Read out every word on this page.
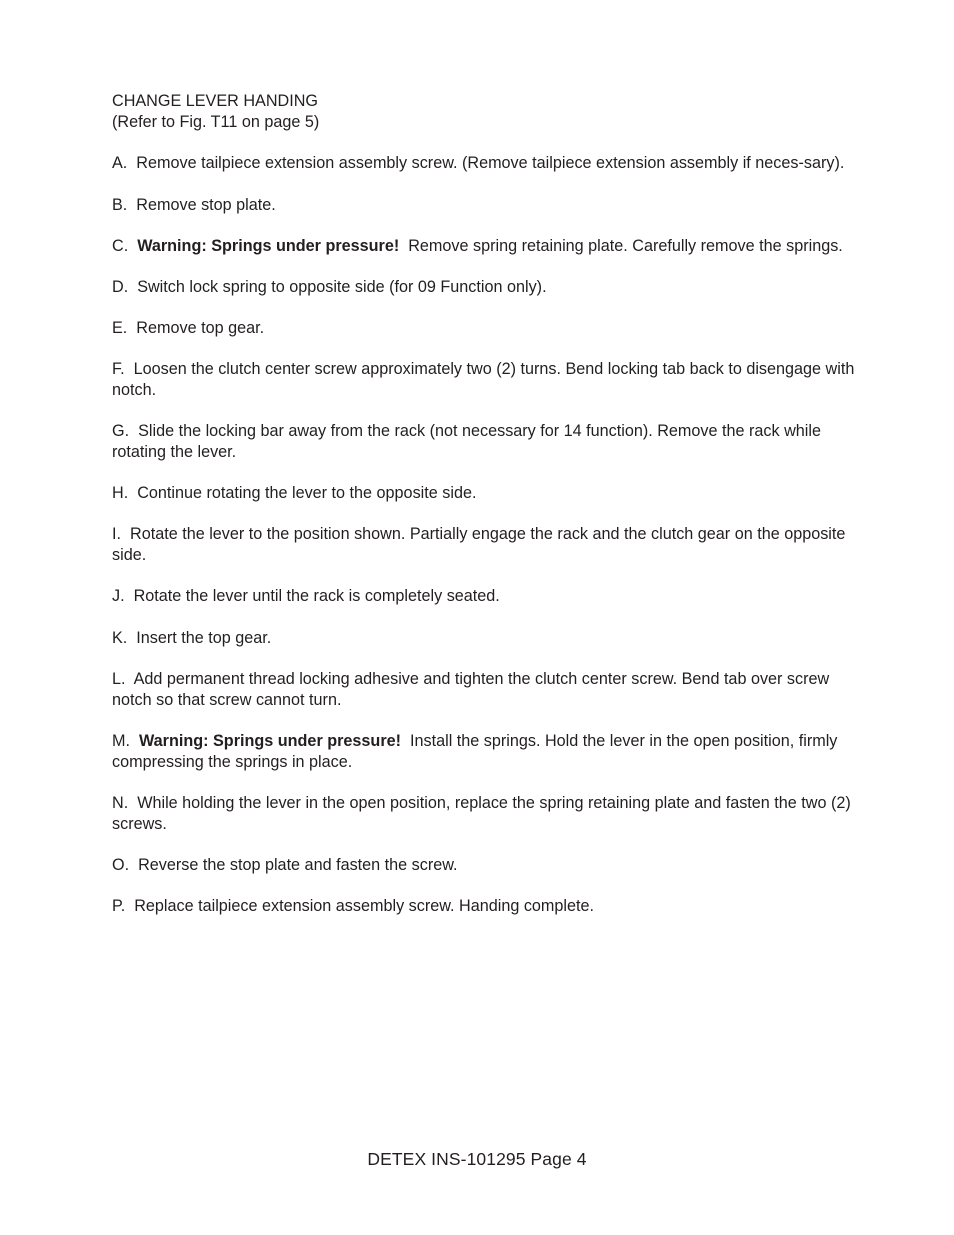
CHANGE LEVER HANDING
(Refer to Fig. T11 on page 5)

A. Remove tailpiece extension assembly screw. (Remove tailpiece extension assembly if neces-sary).

B. Remove stop plate.

C. Warning: Springs under pressure! Remove spring retaining plate. Carefully remove the springs.

D. Switch lock spring to opposite side (for 09 Function only).

E. Remove top gear.

F. Loosen the clutch center screw approximately two (2) turns. Bend locking tab back to disengage with notch.

G. Slide the locking bar away from the rack (not necessary for 14 function). Remove the rack while rotating the lever.

H. Continue rotating the lever to the opposite side.

I. Rotate the lever to the position shown. Partially engage the rack and the clutch gear on the opposite side.

J. Rotate the lever until the rack is completely seated.

K. Insert the top gear.

L. Add permanent thread locking adhesive and tighten the clutch center screw. Bend tab over screw notch so that screw cannot turn.

M. Warning: Springs under pressure! Install the springs. Hold the lever in the open position, firmly compressing the springs in place.

N. While holding the lever in the open position, replace the spring retaining plate and fasten the two (2) screws.

O. Reverse the stop plate and fasten the screw.

P. Replace tailpiece extension assembly screw. Handing complete.

DETEX INS-101295 Page 4
